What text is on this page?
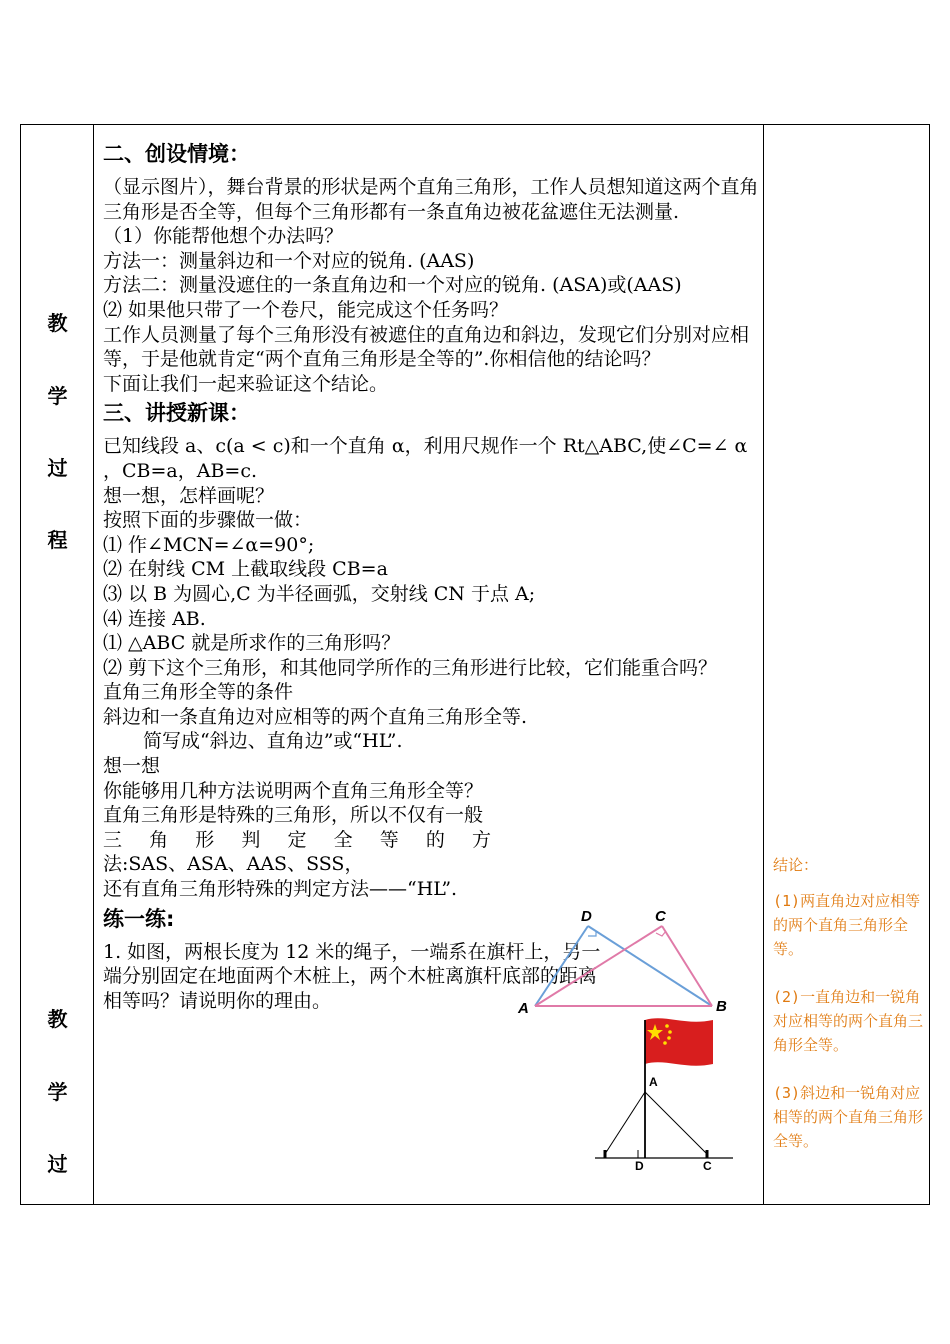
教
学
过
程
教
学
过

二、创设情境：

（显示图片），舞台背景的形状是两个直角三角形，工作人员想知道这两个直角三角形是否全等，但每个三角形都有一条直角边被花盆遮住无法测量.

（1）你能帮他想个办法吗？

方法一：测量斜边和一个对应的锐角. (AAS)

方法二：测量没遮住的一条直角边和一个对应的锐角. (ASA)或(AAS)

⑵ 如果他只带了一个卷尺，能完成这个任务吗？

工作人员测量了每个三角形没有被遮住的直角边和斜边，发现它们分别对应相等，于是他就肯定“两个直角三角形是全等的”.你相信他的结论吗？

下面让我们一起来验证这个结论。

三、讲授新课：

已知线段 a、c(a < c)和一个直角 α，利用尺规作一个 Rt△ABC,使∠C=∠ α ，CB=a，AB=c.

想一想，怎样画呢？

按照下面的步骤做一做：

⑴ 作∠MCN=∠α=90°;

⑵ 在射线 CM 上截取线段 CB=a

⑶ 以 B 为圆心,C 为半径画弧，交射线 CN 于点 A;

⑷ 连接 AB.

⑴ △ABC 就是所求作的三角形吗？

⑵ 剪下这个三角形，和其他同学所作的三角形进行比较，它们能重合吗？

直角三角形全等的条件

斜边和一条直角边对应相等的两个直角三角形全等.

简写成“斜边、直角边”或“HL”.

想一想

你能够用几种方法说明两个直角三角形全等？

直角三角形是特殊的三角形，所以不仅有一般

三角形判定全等的方

法:SAS、ASA、AAS、SSS，

还有直角三角形特殊的判定方法——“HL”.

练一练:

1. 如图，两根长度为 12 米的绳子，一端系在旗杆上，另一端分别固定在地面两个木桩上，两个木桩离旗杆底部的距离相等吗？请说明你的理由。

结论：

(1)两直角边对应相等的两个直角三角形全等。

(2)一直角边和一锐角对应相等的两个直角三角形全等。

(3)斜边和一锐角对应相等的两个直角三角形全等。

D	C
A	B
A
D	C
